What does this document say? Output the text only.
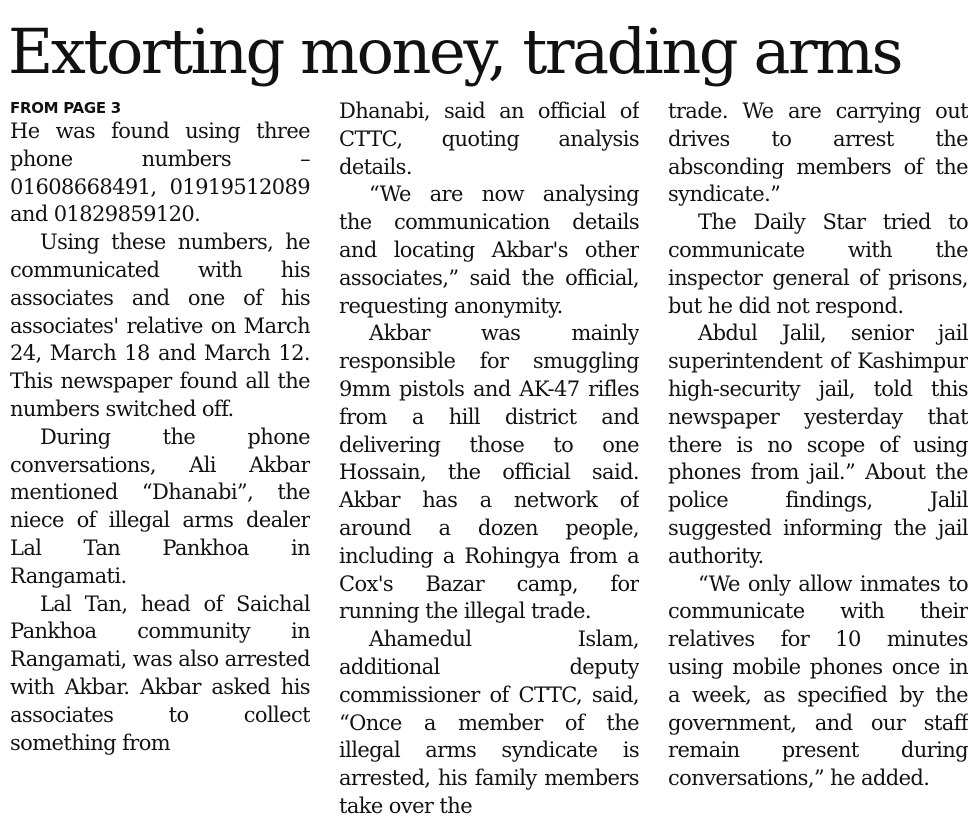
Extorting money, trading arms
FROM PAGE 3

He was found using three phone numbers – 01608668491, 01919512089 and 01829859120.

Using these numbers, he communicated with his associates and one of his associates' relative on March 24, March 18 and March 12. This newspaper found all the numbers switched off.

During the phone conversations, Ali Akbar mentioned “Dhanabi”, the niece of illegal arms dealer Lal Tan Pankhoa in Rangamati.

Lal Tan, head of Saichal Pankhoa community in Rangamati, was also arrested with Akbar. Akbar asked his associates to collect something from

Dhanabi, said an official of CTTC, quoting analysis details.

“We are now analysing the communication details and locating Akbar's other associates,” said the official, requesting anonymity.

Akbar was mainly responsible for smuggling 9mm pistols and AK-47 rifles from a hill district and delivering those to one Hossain, the official said. Akbar has a network of around a dozen people, including a Rohingya from a Cox's Bazar camp, for running the illegal trade.

Ahamedul Islam, additional deputy commissioner of CTTC, said, “Once a member of the illegal arms syndicate is arrested, his family members take over the

trade. We are carrying out drives to arrest the absconding members of the syndicate.”

The Daily Star tried to communicate with the inspector general of prisons, but he did not respond.

Abdul Jalil, senior jail superintendent of Kashimpur high-security jail, told this newspaper yesterday that there is no scope of using phones from jail.” About the police findings, Jalil suggested informing the jail authority.

“We only allow inmates to communicate with their relatives for 10 minutes using mobile phones once in a week, as specified by the government, and our staff remain present during conversations,” he added.
